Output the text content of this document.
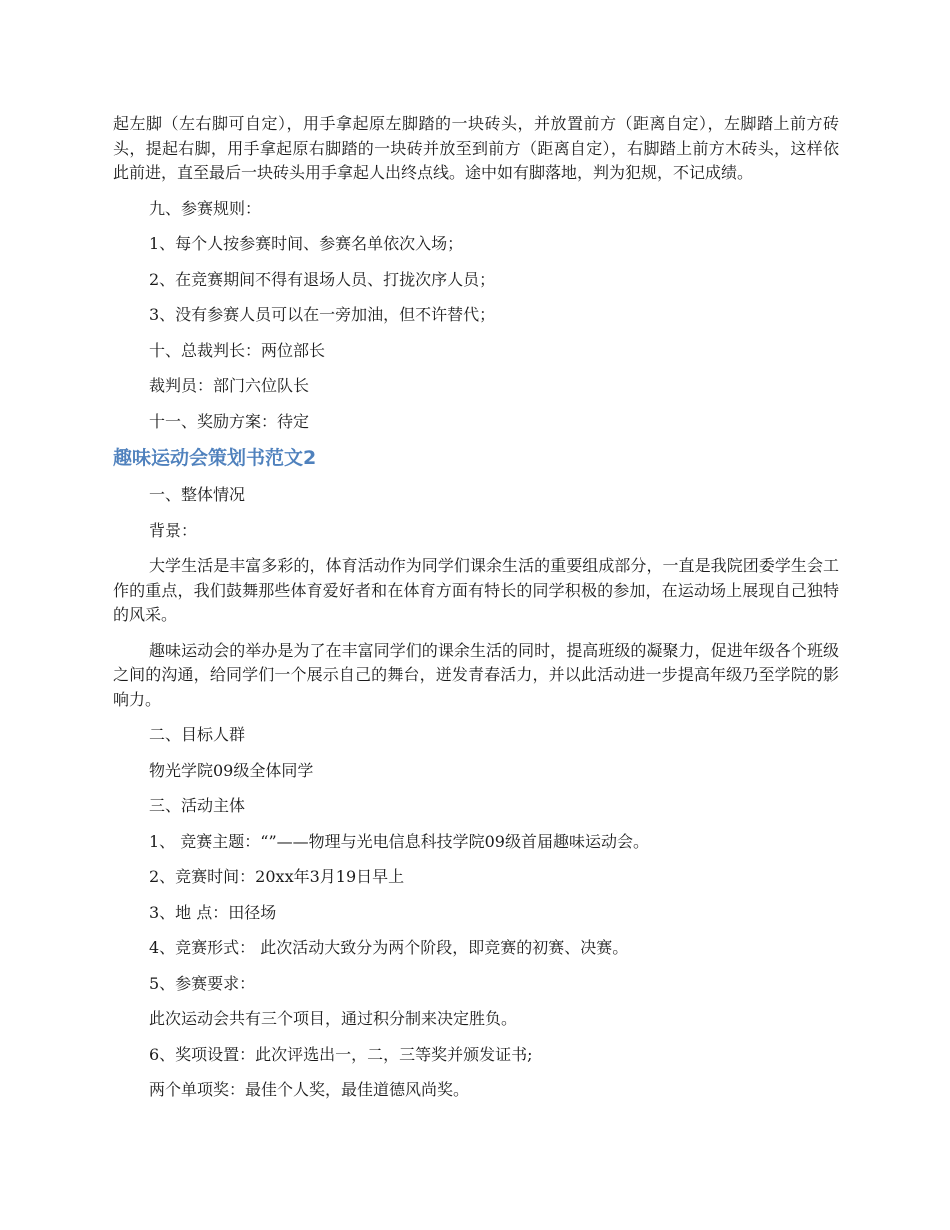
起左脚（左右脚可自定），用手拿起原左脚踏的一块砖头，并放置前方（距离自定），左脚踏上前方砖头，提起右脚，用手拿起原右脚踏的一块砖并放至到前方（距离自定），右脚踏上前方木砖头，这样依此前进，直至最后一块砖头用手拿起人出终点线。途中如有脚落地，判为犯规，不记成绩。

九、参赛规则：

1、每个人按参赛时间、参赛名单依次入场；

2、在竞赛期间不得有退场人员、打拢次序人员；

3、没有参赛人员可以在一旁加油，但不许替代；

十、总裁判长：两位部长

裁判员：部门六位队长

十一、奖励方案：待定

趣味运动会策划书范文2

一、整体情况

背景：

大学生活是丰富多彩的，体育活动作为同学们课余生活的重要组成部分，一直是我院团委学生会工作的重点，我们鼓舞那些体育爱好者和在体育方面有特长的同学积极的参加，在运动场上展现自己独特的风采。

趣味运动会的举办是为了在丰富同学们的课余生活的同时，提高班级的凝聚力，促进年级各个班级之间的沟通，给同学们一个展示自己的舞台，迸发青春活力，并以此活动进一步提高年级乃至学院的影响力。

二、目标人群

物光学院09级全体同学

三、活动主体

1、 竞赛主题：“”——物理与光电信息科技学院09级首届趣味运动会。

2、竞赛时间：20xx年3月19日早上

3、地 点：田径场

4、竞赛形式： 此次活动大致分为两个阶段，即竞赛的初赛、决赛。

5、参赛要求：

此次运动会共有三个项目，通过积分制来决定胜负。

6、奖项设置：此次评选出一，二，三等奖并颁发证书;

两个单项奖：最佳个人奖，最佳道德风尚奖。
